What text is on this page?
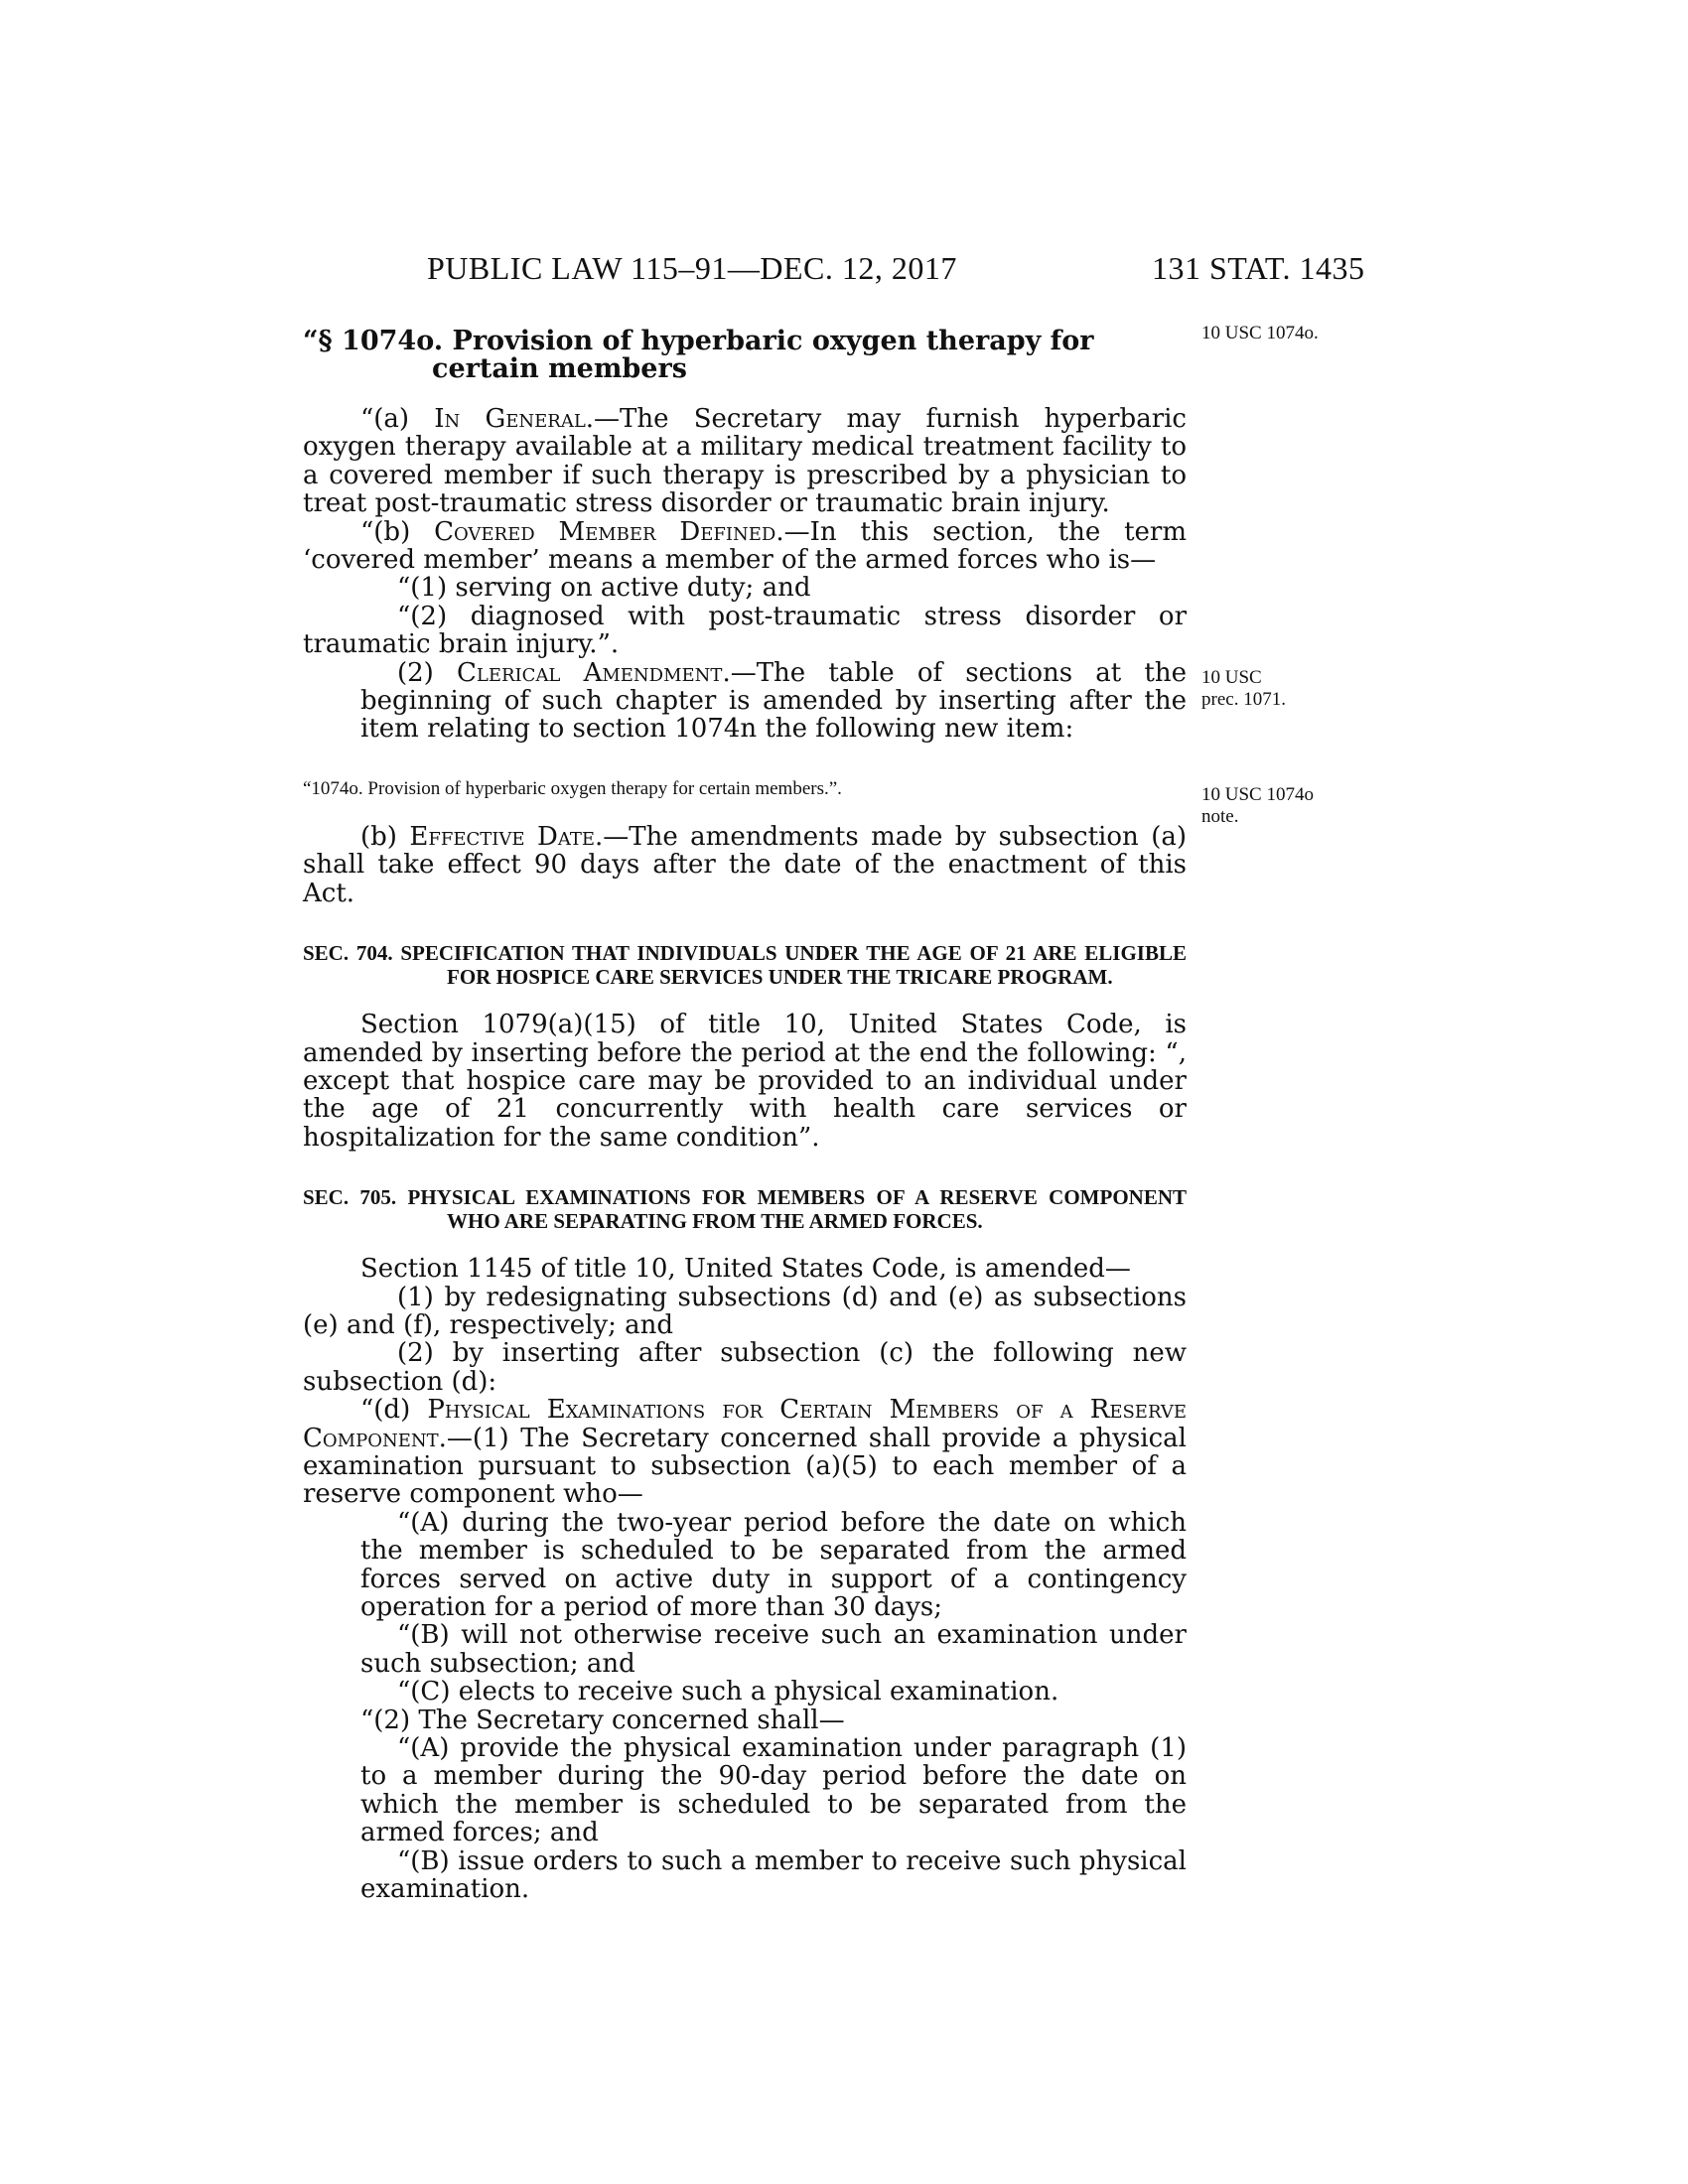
PUBLIC LAW 115–91—DEC. 12, 2017	131 STAT. 1435
10 USC 1074o.
10 USC
prec. 1071.
10 USC 1074o
note.

“§ 1074o. Provision of hyperbaric oxygen therapy for certain members

“(a) In General.—The Secretary may furnish hyperbaric oxygen therapy available at a military medical treatment facility to a covered member if such therapy is prescribed by a physician to treat post-traumatic stress disorder or traumatic brain injury.

“(b) Covered Member Defined.—In this section, the term ‘covered member’ means a member of the armed forces who is—

“(1) serving on active duty; and

“(2) diagnosed with post-traumatic stress disorder or traumatic brain injury.”.

(2) Clerical Amendment.—The table of sections at the beginning of such chapter is amended by inserting after the item relating to section 1074n the following new item:

“1074o. Provision of hyperbaric oxygen therapy for certain members.”.

(b) Effective Date.—The amendments made by subsection (a) shall take effect 90 days after the date of the enactment of this Act.

SEC. 704. SPECIFICATION THAT INDIVIDUALS UNDER THE AGE OF 21 ARE ELIGIBLE FOR HOSPICE CARE SERVICES UNDER THE TRICARE PROGRAM.

Section 1079(a)(15) of title 10, United States Code, is amended by inserting before the period at the end the following: “, except that hospice care may be provided to an individual under the age of 21 concurrently with health care services or hospitalization for the same condition”.

SEC. 705. PHYSICAL EXAMINATIONS FOR MEMBERS OF A RESERVE COMPONENT WHO ARE SEPARATING FROM THE ARMED FORCES.

Section 1145 of title 10, United States Code, is amended—

(1) by redesignating subsections (d) and (e) as subsections (e) and (f), respectively; and

(2) by inserting after subsection (c) the following new subsection (d):

“(d) Physical Examinations for Certain Members of a Reserve Component.—(1) The Secretary concerned shall provide a physical examination pursuant to subsection (a)(5) to each member of a reserve component who—

“(A) during the two-year period before the date on which the member is scheduled to be separated from the armed forces served on active duty in support of a contingency operation for a period of more than 30 days;

“(B) will not otherwise receive such an examination under such subsection; and

“(C) elects to receive such a physical examination.

“(2) The Secretary concerned shall—

“(A) provide the physical examination under paragraph (1) to a member during the 90-day period before the date on which the member is scheduled to be separated from the armed forces; and

“(B) issue orders to such a member to receive such physical examination.
